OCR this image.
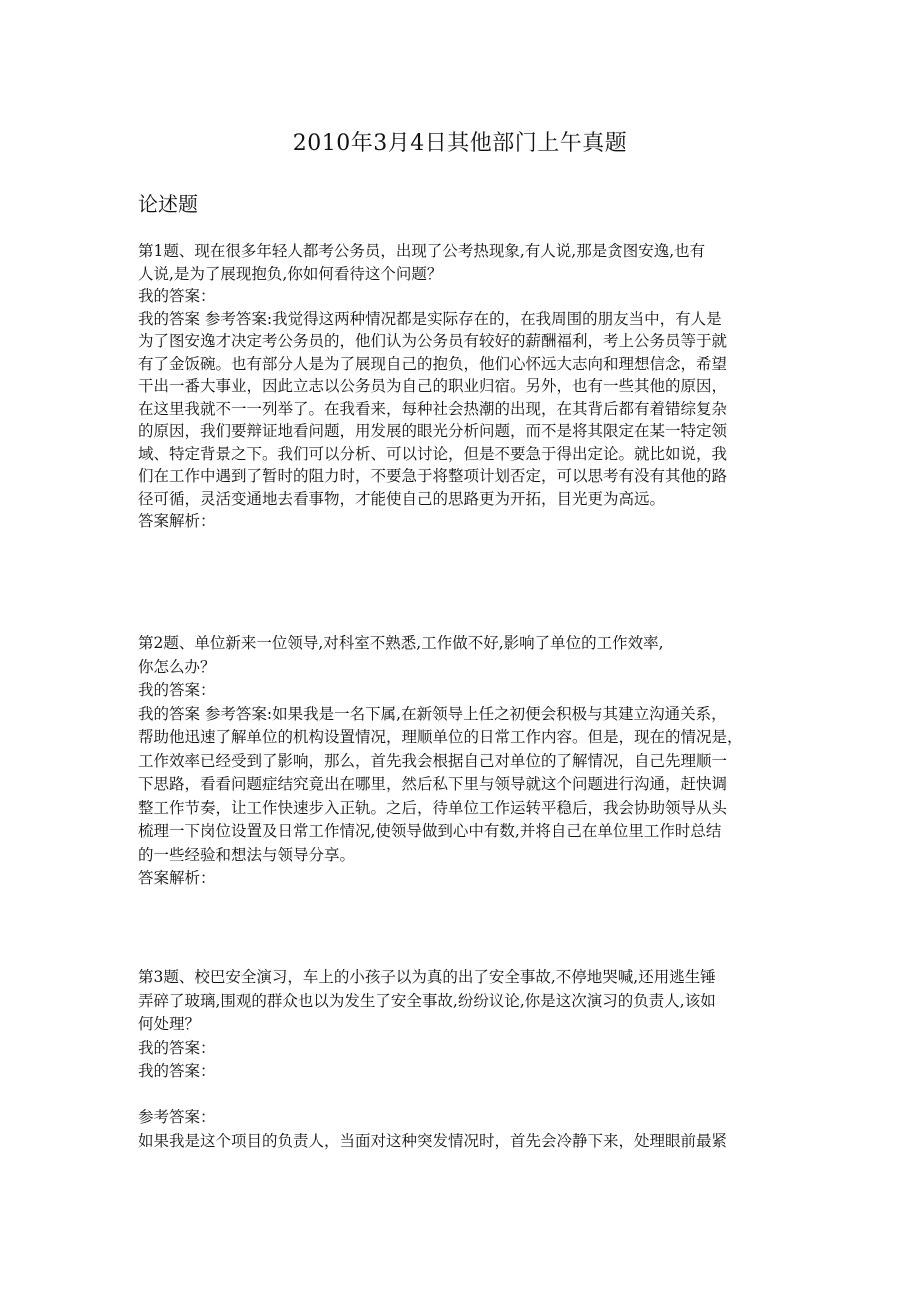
2010年3月4日其他部门上午真题
论述题
第1题、现在很多年轻人都考公务员，出现了公考热现象,有人说,那是贪图安逸,也有
人说,是为了展现抱负,你如何看待这个问题？
我的答案：
我的答案 参考答案:我觉得这两种情况都是实际存在的，在我周围的朋友当中，有人是
为了图安逸才决定考公务员的，他们认为公务员有较好的薪酬福利，考上公务员等于就
有了金饭碗。也有部分人是为了展现自己的抱负，他们心怀远大志向和理想信念，希望
干出一番大事业，因此立志以公务员为自己的职业归宿。另外，也有一些其他的原因，
在这里我就不一一列举了。在我看来，每种社会热潮的出现，在其背后都有着错综复杂
的原因，我们要辩证地看问题，用发展的眼光分析问题，而不是将其限定在某一特定领
域、特定背景之下。我们可以分析、可以讨论，但是不要急于得出定论。就比如说，我
们在工作中遇到了暂时的阻力时，不要急于将整项计划否定，可以思考有没有其他的路
径可循，灵活变通地去看事物，才能使自己的思路更为开拓，目光更为高远。
答案解析：
第2题、单位新来一位领导,对科室不熟悉,工作做不好,影响了单位的工作效率,
你怎么办？
我的答案：
我的答案 参考答案:如果我是一名下属,在新领导上任之初便会积极与其建立沟通关系，
帮助他迅速了解单位的机构设置情况，理顺单位的日常工作内容。但是，现在的情况是，
工作效率已经受到了影响，那么，首先我会根据自己对单位的了解情况，自己先理顺一
下思路，看看问题症结究竟出在哪里，然后私下里与领导就这个问题进行沟通，赶快调
整工作节奏，让工作快速步入正轨。之后，待单位工作运转平稳后，我会协助领导从头
梳理一下岗位设置及日常工作情况,使领导做到心中有数,并将自己在单位里工作时总结
的一些经验和想法与领导分享。
答案解析：
第3题、校巴安全演习，车上的小孩子以为真的出了安全事故,不停地哭喊,还用逃生锤
弄碎了玻璃,围观的群众也以为发生了安全事故,纷纷议论,你是这次演习的负责人,该如
何处理？
我的答案：
我的答案：
参考答案：
如果我是这个项目的负责人，当面对这种突发情况时，首先会冷静下来，处理眼前最紧
